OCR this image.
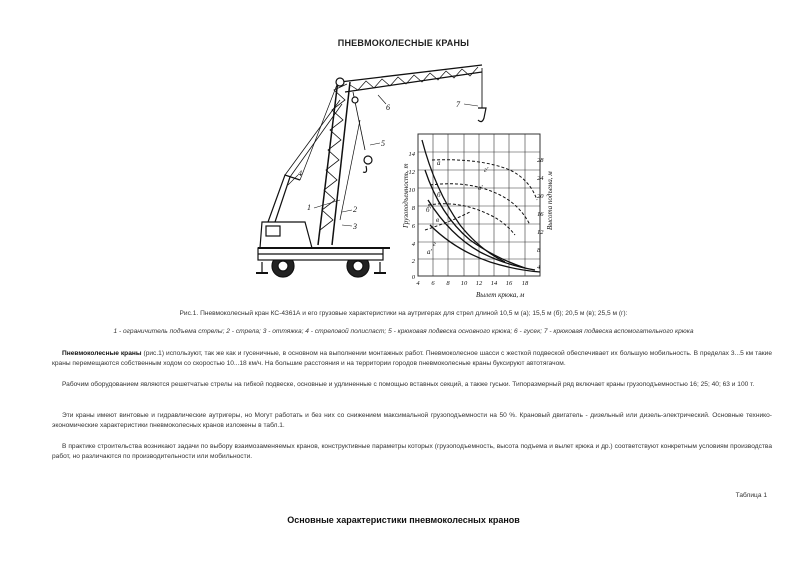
ПНЕВМОКОЛЕСНЫЕ КРАНЫ
1	2
3
4
5
6	7
а
б
в
г
а'
б'
в'
г'
4 6 8 10 12 14 16 18
14
12
10
8
6
4
2
0
28
24
20
16
12
8
4
Вылет крюка, м
Грузоподъемность, т	Высота подъема, м
Рис.1. Пневмоколесный кран КС-4361А и его грузовые характеристики на аутригерах для стрел длиной 10,5 м (а); 15,5 м (б); 20,5 м (в); 25,5 м (г):
1 - ограничитель подъема стрелы; 2 - стрела; 3 - оттяжка; 4 - стреловой полиспаст; 5 - крюковая подвеска основного крюка; 6 - гусек; 7 - крюковая подвеска вспомогательного крюка
Пневмоколесные краны (рис.1) используют, так же как и гусеничные, в основном на выполнении монтажных работ. Пневмоколесное шасси с жесткой подвеской обеспечивает их большую мобильность. В пределах 3...5 км такие краны перемещаются собственным ходом со скоростью 10...18 км/ч. На большие расстояния и на территории городов пневмоколесные краны буксируют автотягачом.
Рабочим оборудованием являются решетчатые стрелы на гибкой подвеске, основные и удлиненные с помощью вставных секций, а также гуськи. Типоразмерный ряд включает краны грузоподъемностью 16; 25; 40; 63 и 100 т.
Эти краны имеют винтовые и гидравлические аутригеры, но Могут работать и без них со снижением максимальной грузоподъемности на 50 %. Крановый двигатель - дизельный или дизель-электрический. Основные технико-экономические характеристики пневмоколесных кранов изложены в табл.1.
В практике строительства возникают задачи по выбору взаимозаменяемых кранов, конструктивные параметры которых (грузоподъемность, высота подъема и вылет крюка и др.) соответствуют конкретным условиям производства работ, но различаются по производительности или мобильности.
Таблица 1
Основные характеристики пневмоколесных кранов
